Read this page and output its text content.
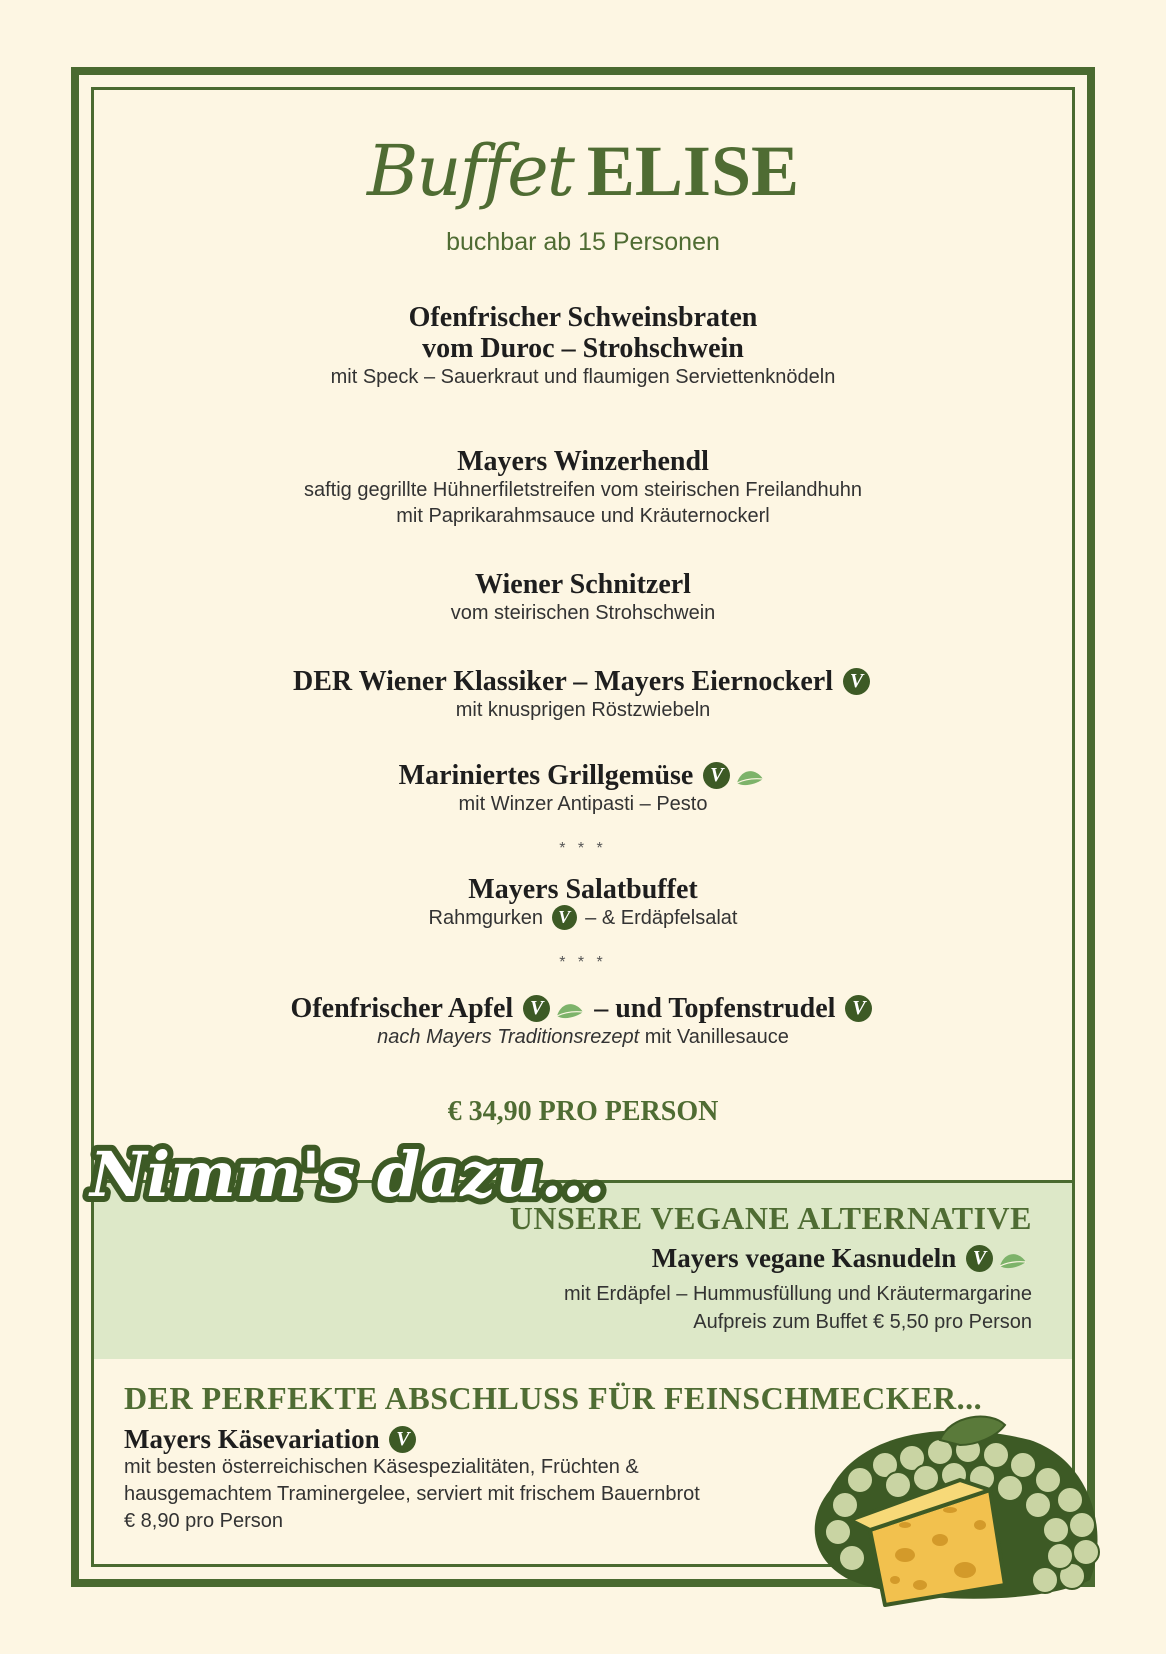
Buffet ELISE
buchbar ab 15 Personen
Ofenfrischer Schweinsbraten
vom Duroc – Strohschwein
mit Speck – Sauerkraut und flaumigen Serviettenknödeln
Mayers Winzerhendl
saftig gegrillte Hühnerfiletstreifen vom steirischen Freilandhuhn
mit Paprikarahmsauce und Kräuternockerl
Wiener Schnitzerl
vom steirischen Strohschwein
DER Wiener Klassiker – Mayers Eiernockerl V
mit knusprigen Röstzwiebeln
Mariniertes Grillgemüse V
mit Winzer Antipasti – Pesto
* * *
Mayers Salatbuffet
Rahmgurken V – & Erdäpfelsalat
* * *
Ofenfrischer Apfel V – und Topfenstrudel V
nach Mayers Traditionsrezept mit Vanillesauce
€ 34,90 PRO PERSON
Nimm's dazu...
UNSERE VEGANE ALTERNATIVE
Mayers vegane Kasnudeln V
mit Erdäpfel – Hummusfüllung und Kräutermargarine
Aufpreis zum Buffet € 5,50 pro Person
DER PERFEKTE ABSCHLUSS FÜR FEINSCHMECKER...
Mayers Käsevariation V
mit besten österreichischen Käsespezialitäten, Früchten &
hausgemachtem Traminergelee, serviert mit frischem Bauernbrot
€ 8,90 pro Person
